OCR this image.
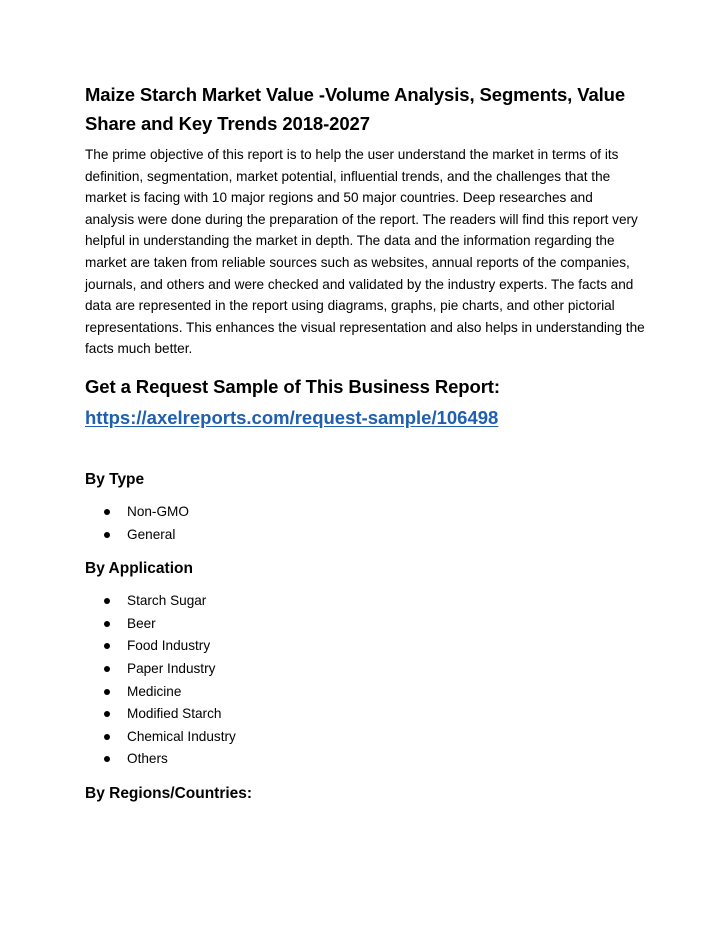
Maize Starch Market Value -Volume Analysis, Segments, Value Share and Key Trends 2018-2027

The prime objective of this report is to help the user understand the market in terms of its definition, segmentation, market potential, influential trends, and the challenges that the market is facing with 10 major regions and 50 major countries. Deep researches and analysis were done during the preparation of the report. The readers will find this report very helpful in understanding the market in depth. The data and the information regarding the market are taken from reliable sources such as websites, annual reports of the companies, journals, and others and were checked and validated by the industry experts. The facts and data are represented in the report using diagrams, graphs, pie charts, and other pictorial representations. This enhances the visual representation and also helps in understanding the facts much better.

Get a Request Sample of This Business Report:
https://axelreports.com/request-sample/106498
By Type
Non-GMO
General
By Application
Starch Sugar
Beer
Food Industry
Paper Industry
Medicine
Modified Starch
Chemical Industry
Others
By Regions/Countries:
